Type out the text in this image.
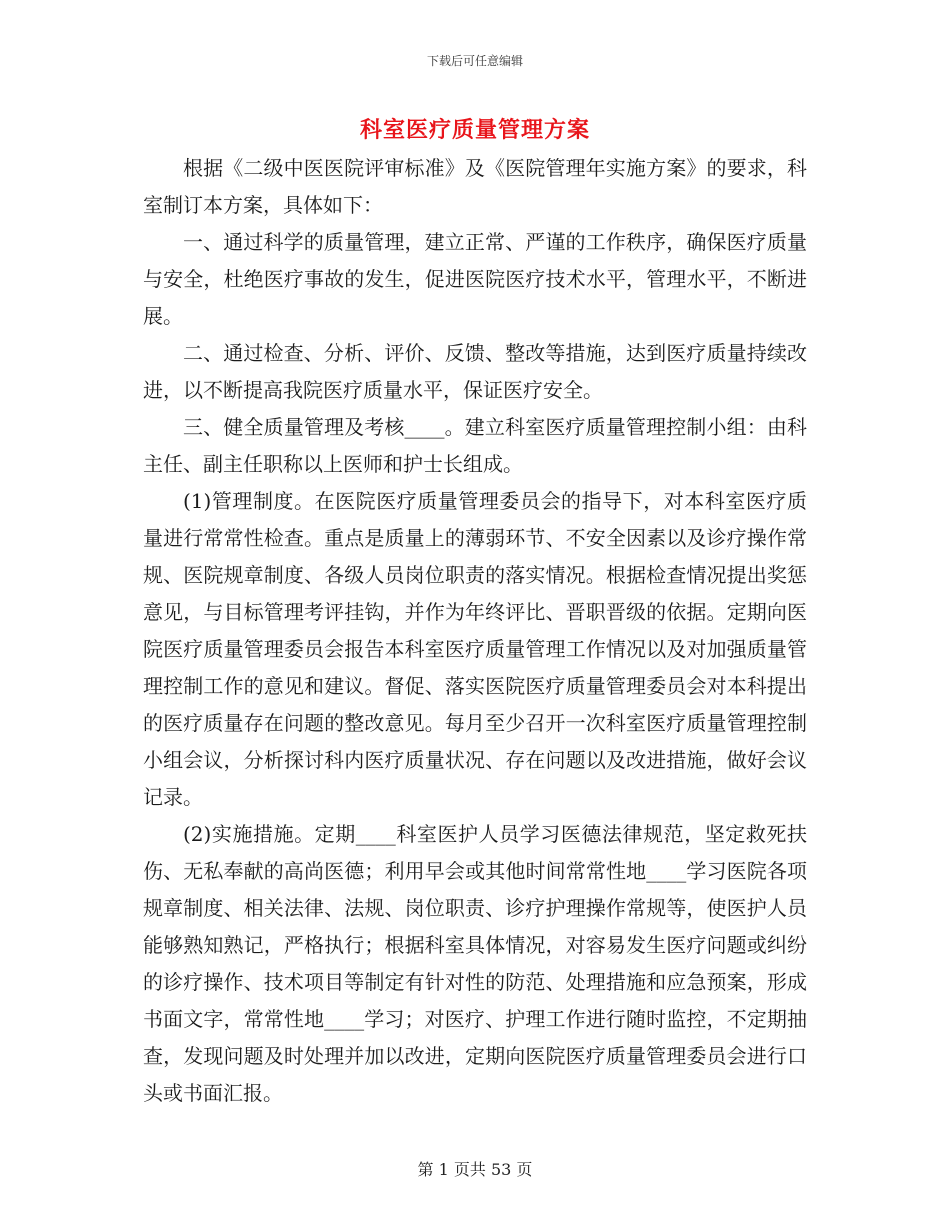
下载后可任意编辑
科室医疗质量管理方案

根据《二级中医医院评审标准》及《医院管理年实施方案》的要求，科室制订本方案，具体如下：

一、通过科学的质量管理，建立正常、严谨的工作秩序，确保医疗质量与安全，杜绝医疗事故的发生，促进医院医疗技术水平，管理水平，不断进展。

二、通过检查、分析、评价、反馈、整改等措施，达到医疗质量持续改进，以不断提高我院医疗质量水平，保证医疗安全。

三、健全质量管理及考核____。建立科室医疗质量管理控制小组：由科主任、副主任职称以上医师和护士长组成。

(1)管理制度。在医院医疗质量管理委员会的指导下，对本科室医疗质量进行常常性检查。重点是质量上的薄弱环节、不安全因素以及诊疗操作常规、医院规章制度、各级人员岗位职责的落实情况。根据检查情况提出奖惩意见，与目标管理考评挂钩，并作为年终评比、晋职晋级的依据。定期向医院医疗质量管理委员会报告本科室医疗质量管理工作情况以及对加强质量管理控制工作的意见和建议。督促、落实医院医疗质量管理委员会对本科提出的医疗质量存在问题的整改意见。每月至少召开一次科室医疗质量管理控制小组会议，分析探讨科内医疗质量状况、存在问题以及改进措施，做好会议记录。

(2)实施措施。定期____科室医护人员学习医德法律规范，坚定救死扶伤、无私奉献的高尚医德；利用早会或其他时间常常性地____学习医院各项规章制度、相关法律、法规、岗位职责、诊疗护理操作常规等，使医护人员能够熟知熟记，严格执行；根据科室具体情况，对容易发生医疗问题或纠纷的诊疗操作、技术项目等制定有针对性的防范、处理措施和应急预案，形成书面文字，常常性地____学习；对医疗、护理工作进行随时监控，不定期抽查，发现问题及时处理并加以改进，定期向医院医疗质量管理委员会进行口头或书面汇报。

第 1 页共 53 页
